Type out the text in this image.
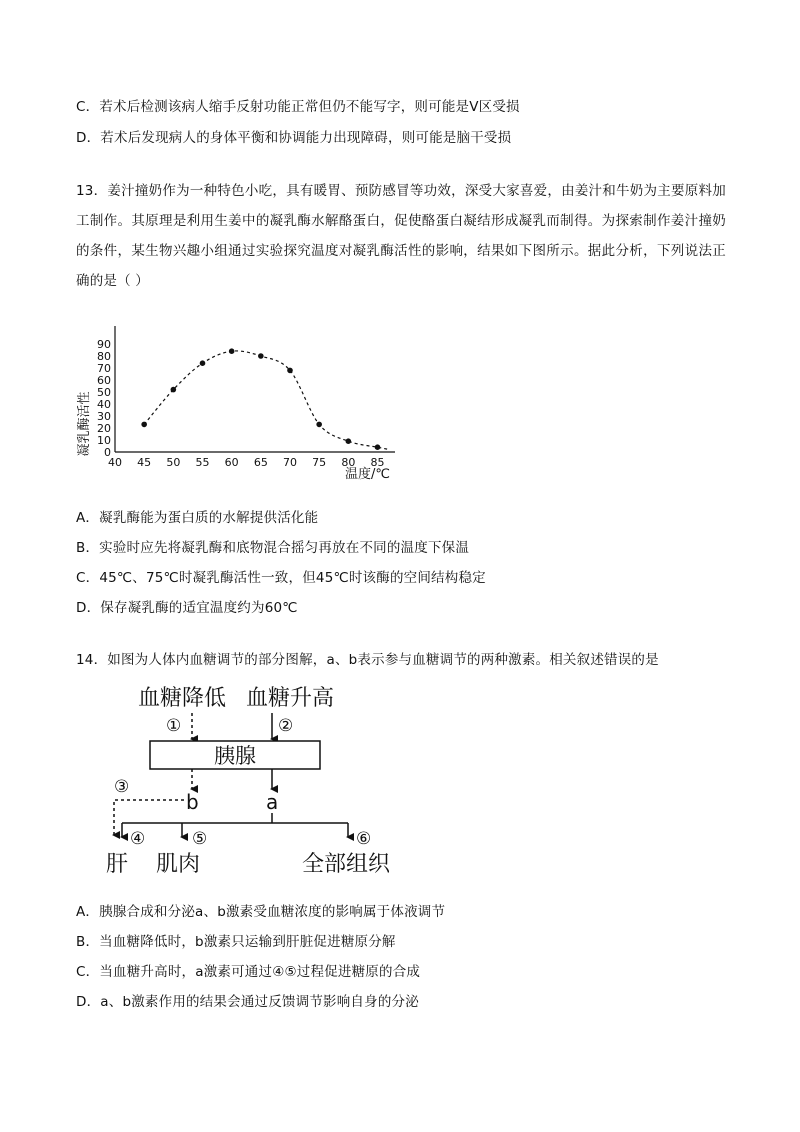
C．若术后检测该病人缩手反射功能正常但仍不能写字，则可能是Ⅴ区受损
D．若术后发现病人的身体平衡和协调能力出现障碍，则可能是脑干受损
13．姜汁撞奶作为一种特色小吃，具有暖胃、预防感冒等功效，深受大家喜爱，由姜汁和牛奶为主要原料加工制作。其原理是利用生姜中的凝乳酶水解酪蛋白，促使酪蛋白凝结形成凝乳而制得。为探索制作姜汁撞奶的条件，某生物兴趣小组通过实验探究温度对凝乳酶活性的影响，结果如下图所示。据此分析，下列说法正确的是（ ）
0
10
20
30
40
50
60
70
80
90
40 45 50 55 60 65 70 75 80 85
凝乳酶活性
温度/℃
A．凝乳酶能为蛋白质的水解提供活化能
B．实验时应先将凝乳酶和底物混合摇匀再放在不同的温度下保温
C．45℃、75℃时凝乳酶活性一致，但45℃时该酶的空间结构稳定
D．保存凝乳酶的适宜温度约为60℃
14．如图为人体内血糖调节的部分图解，a、b表示参与血糖调节的两种激素。相关叙述错误的是
血糖降低 血糖升高
①	②
胰腺
b	a
③
④	⑤	⑥
肝 肌肉	全部组织
A．胰腺合成和分泌a、b激素受血糖浓度的影响属于体液调节
B．当血糖降低时，b激素只运输到肝脏促进糖原分解
C．当血糖升高时，a激素可通过④⑤过程促进糖原的合成
D．a、b激素作用的结果会通过反馈调节影响自身的分泌
